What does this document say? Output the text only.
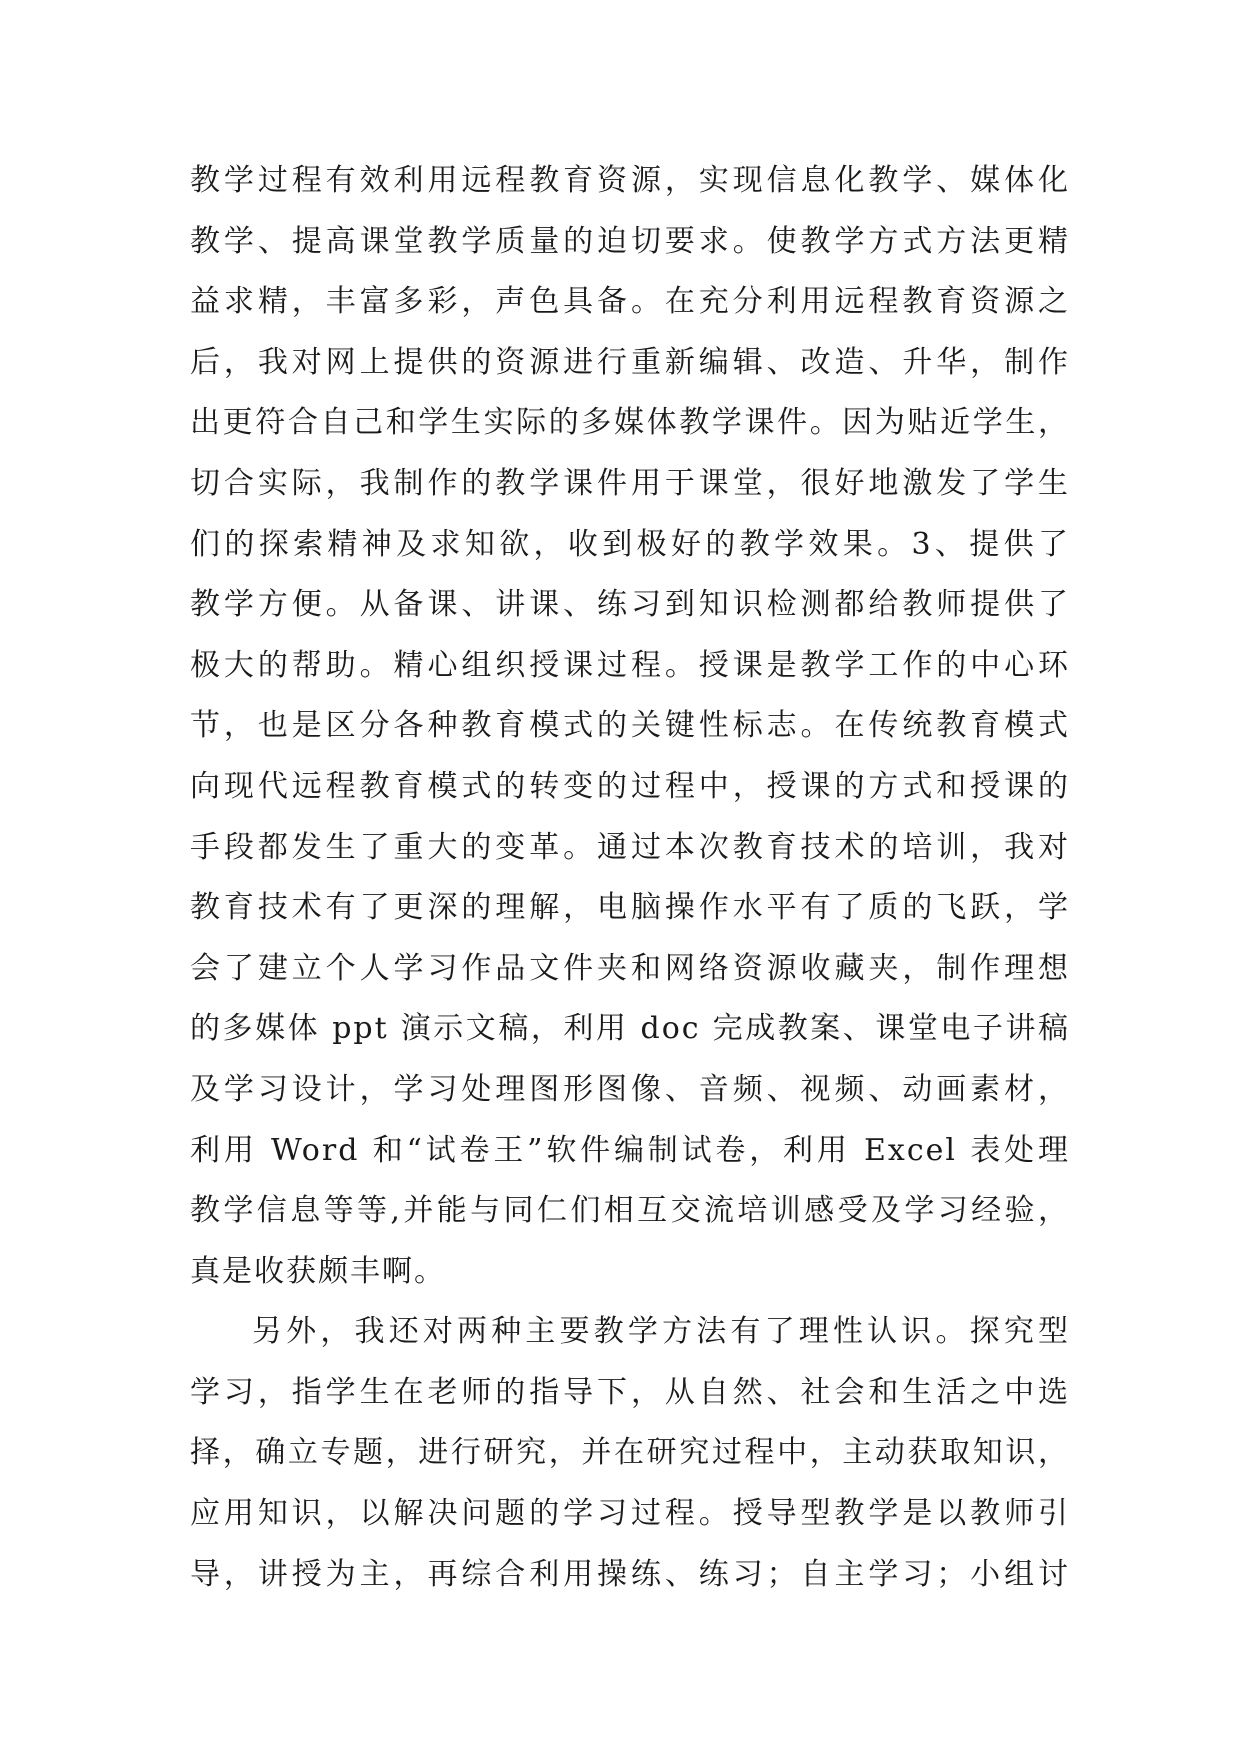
教学过程有效利用远程教育资源，实现信息化教学、媒体化
教学、提高课堂教学质量的迫切要求。使教学方式方法更精
益求精，丰富多彩，声色具备。在充分利用远程教育资源之
后，我对网上提供的资源进行重新编辑、改造、升华，制作
出更符合自己和学生实际的多媒体教学课件。因为贴近学生，
切合实际，我制作的教学课件用于课堂，很好地激发了学生
们的探索精神及求知欲，收到极好的教学效果。3、提供了
教学方便。从备课、讲课、练习到知识检测都给教师提供了
极大的帮助。精心组织授课过程。授课是教学工作的中心环
节，也是区分各种教育模式的关键性标志。在传统教育模式
向现代远程教育模式的转变的过程中，授课的方式和授课的
手段都发生了重大的变革。通过本次教育技术的培训，我对
教育技术有了更深的理解，电脑操作水平有了质的飞跃，学
会了建立个人学习作品文件夹和网络资源收藏夹，制作理想
的多媒体 ppt 演示文稿，利用 doc 完成教案、课堂电子讲稿
及学习设计，学习处理图形图像、音频、视频、动画素材，
利用 Word 和“试卷王”软件编制试卷，利用 Excel 表处理
教学信息等等,并能与同仁们相互交流培训感受及学习经验，
真是收获颇丰啊。
另外，我还对两种主要教学方法有了理性认识。探究型
学习，指学生在老师的指导下，从自然、社会和生活之中选
择，确立专题，进行研究，并在研究过程中，主动获取知识，
应用知识，以解决问题的学习过程。授导型教学是以教师引
导，讲授为主，再综合利用操练、练习；自主学习；小组讨
